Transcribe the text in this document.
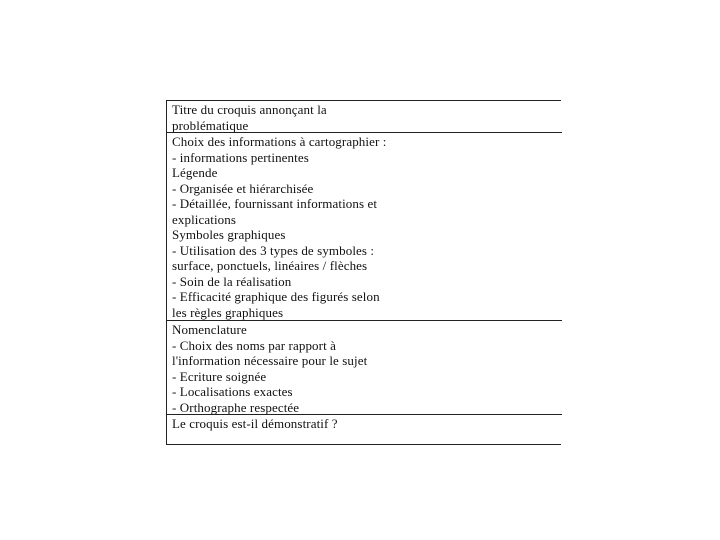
Titre du croquis annonçant la
problématique
Choix des informations à cartographier :
- informations pertinentes
Légende
- Organisée et hiérarchisée
- Détaillée, fournissant informations et
explications
Symboles graphiques
- Utilisation des 3 types de symboles :
surface, ponctuels, linéaires / flèches
- Soin de la réalisation
- Efficacité graphique des figurés selon
les règles graphiques
Nomenclature
- Choix des noms par rapport à
l'information nécessaire pour le sujet
- Ecriture soignée
- Localisations exactes
- Orthographe respectée
Le croquis est-il démonstratif ?
